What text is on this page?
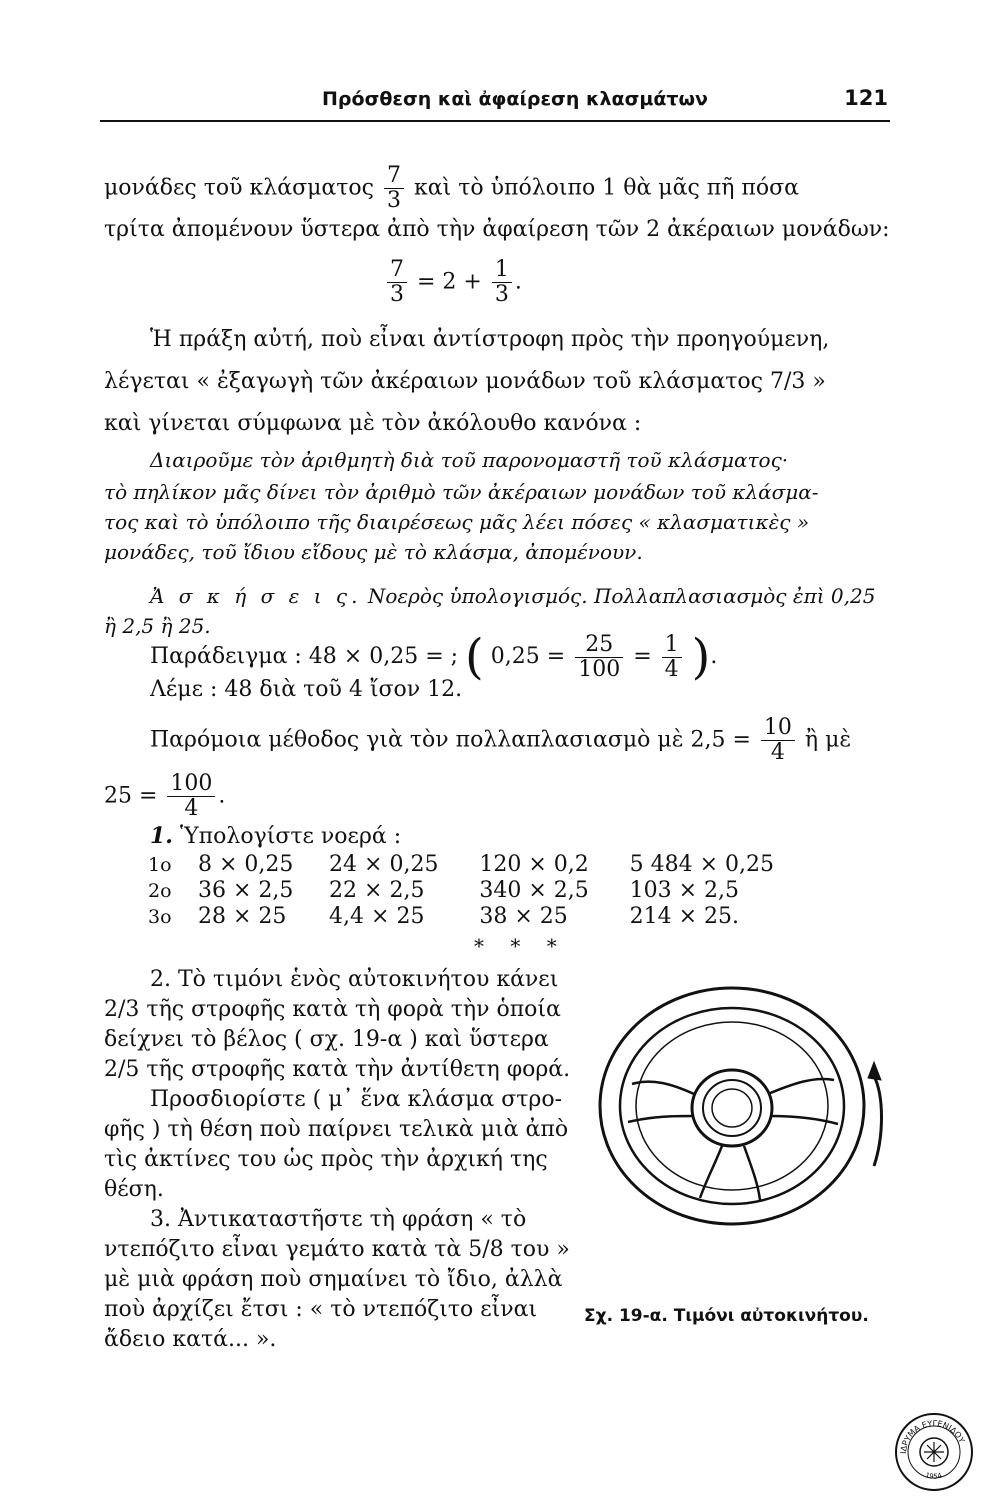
Πρόσθεση καὶ ἀφαίρεση κλασμάτων	121
μονάδες τοῦ κλάσματος $\frac{7}{3}$ καὶ τὸ ὑπόλοιπο 1 θὰ μᾶς πῆ πόσα
τρίτα ἀπομένουν ὕστερα ἀπὸ τὴν ἀφαίρεση τῶν 2 ἀκέραιων μονάδων:
$\frac{7}{3} = 2 + \frac{1}{3}$ .
Ἡ πράξη αὐτή, ποὺ εἶναι ἀντίστροφη πρὸς τὴν προηγούμενη,
λέγεται « ἐξαγωγὴ τῶν ἀκέραιων μονάδων τοῦ κλάσματος 7/3 »
καὶ γίνεται σύμφωνα μὲ τὸν ἀκόλουθο κανόνα :
Διαιροῦμε τὸν ἀριθμητὴ διὰ τοῦ παρονομαστῆ τοῦ κλάσματος·
τὸ πηλίκον μᾶς δίνει τὸν ἀριθμὸ τῶν ἀκέραιων μονάδων τοῦ κλάσμα-
τος καὶ τὸ ὑπόλοιπο τῆς διαιρέσεως μᾶς λέει πόσες « κλασματικὲς »
μονάδες, τοῦ ἴδιου εἴδους μὲ τὸ κλάσμα, ἀπομένουν.
Ἀ σ κ ή σ ε ι ς. Νοερὸς ὑπολογισμός. Πολλαπλασιασμὸς ἐπὶ 0,25
ἢ 2,5 ἢ 25.
Παράδειγμα : 48 × 0,25 = ; ( $0,25 = \frac{25}{100} = \frac{1}{4}$ ).
Λέμε : 48 διὰ τοῦ 4 ἴσον 12.
Παρόμοια μέθοδος γιὰ τὸν πολλαπλασιασμὸ μὲ $2,5 = \frac{10}{4}$ ἢ μὲ
$25 = \frac{100}{4}$ .
1. Ὑπολογίστε νοερά :
1ο	8 × 0,25	24 × 0,25	120 × 0,2	5 484 × 0,25
2ο	36 × 2,5	22 × 2,5	340 × 2,5	103 × 2,5
3ο	28 × 25	4,4 × 25	38 × 25	214 × 25.
* * *
2. Τὸ τιμόνι ἑνὸς αὐτοκινήτου κάνει
2/3 τῆς στροφῆς κατὰ τὴ φορὰ τὴν ὁποία
δείχνει τὸ βέλος ( σχ. 19-α ) καὶ ὕστερα
2/5 τῆς στροφῆς κατὰ τὴν ἀντίθετη φορά.
Προσδιορίστε ( μ᾿ ἕνα κλάσμα στρο-
φῆς ) τὴ θέση ποὺ παίρνει τελικὰ μιὰ ἀπὸ
τὶς ἀκτίνες του ὡς πρὸς τὴν ἀρχική της
θέση.
3. Ἀντικαταστῆστε τὴ φράση « τὸ
ντεπόζιτο εἶναι γεμάτο κατὰ τὰ 5/8 του »
μὲ μιὰ φράση ποὺ σημαίνει τὸ ἴδιο, ἀλλὰ
ποὺ ἀρχίζει ἔτσι : « τὸ ντεπόζιτο εἶναι
ἄδειο κατά... ».
Σχ. 19-α. Τιμόνι αὐτοκινήτου.
ΙΔΡΥΜΑ ΕΥΓΕΝΙΔΟΥ
1954
